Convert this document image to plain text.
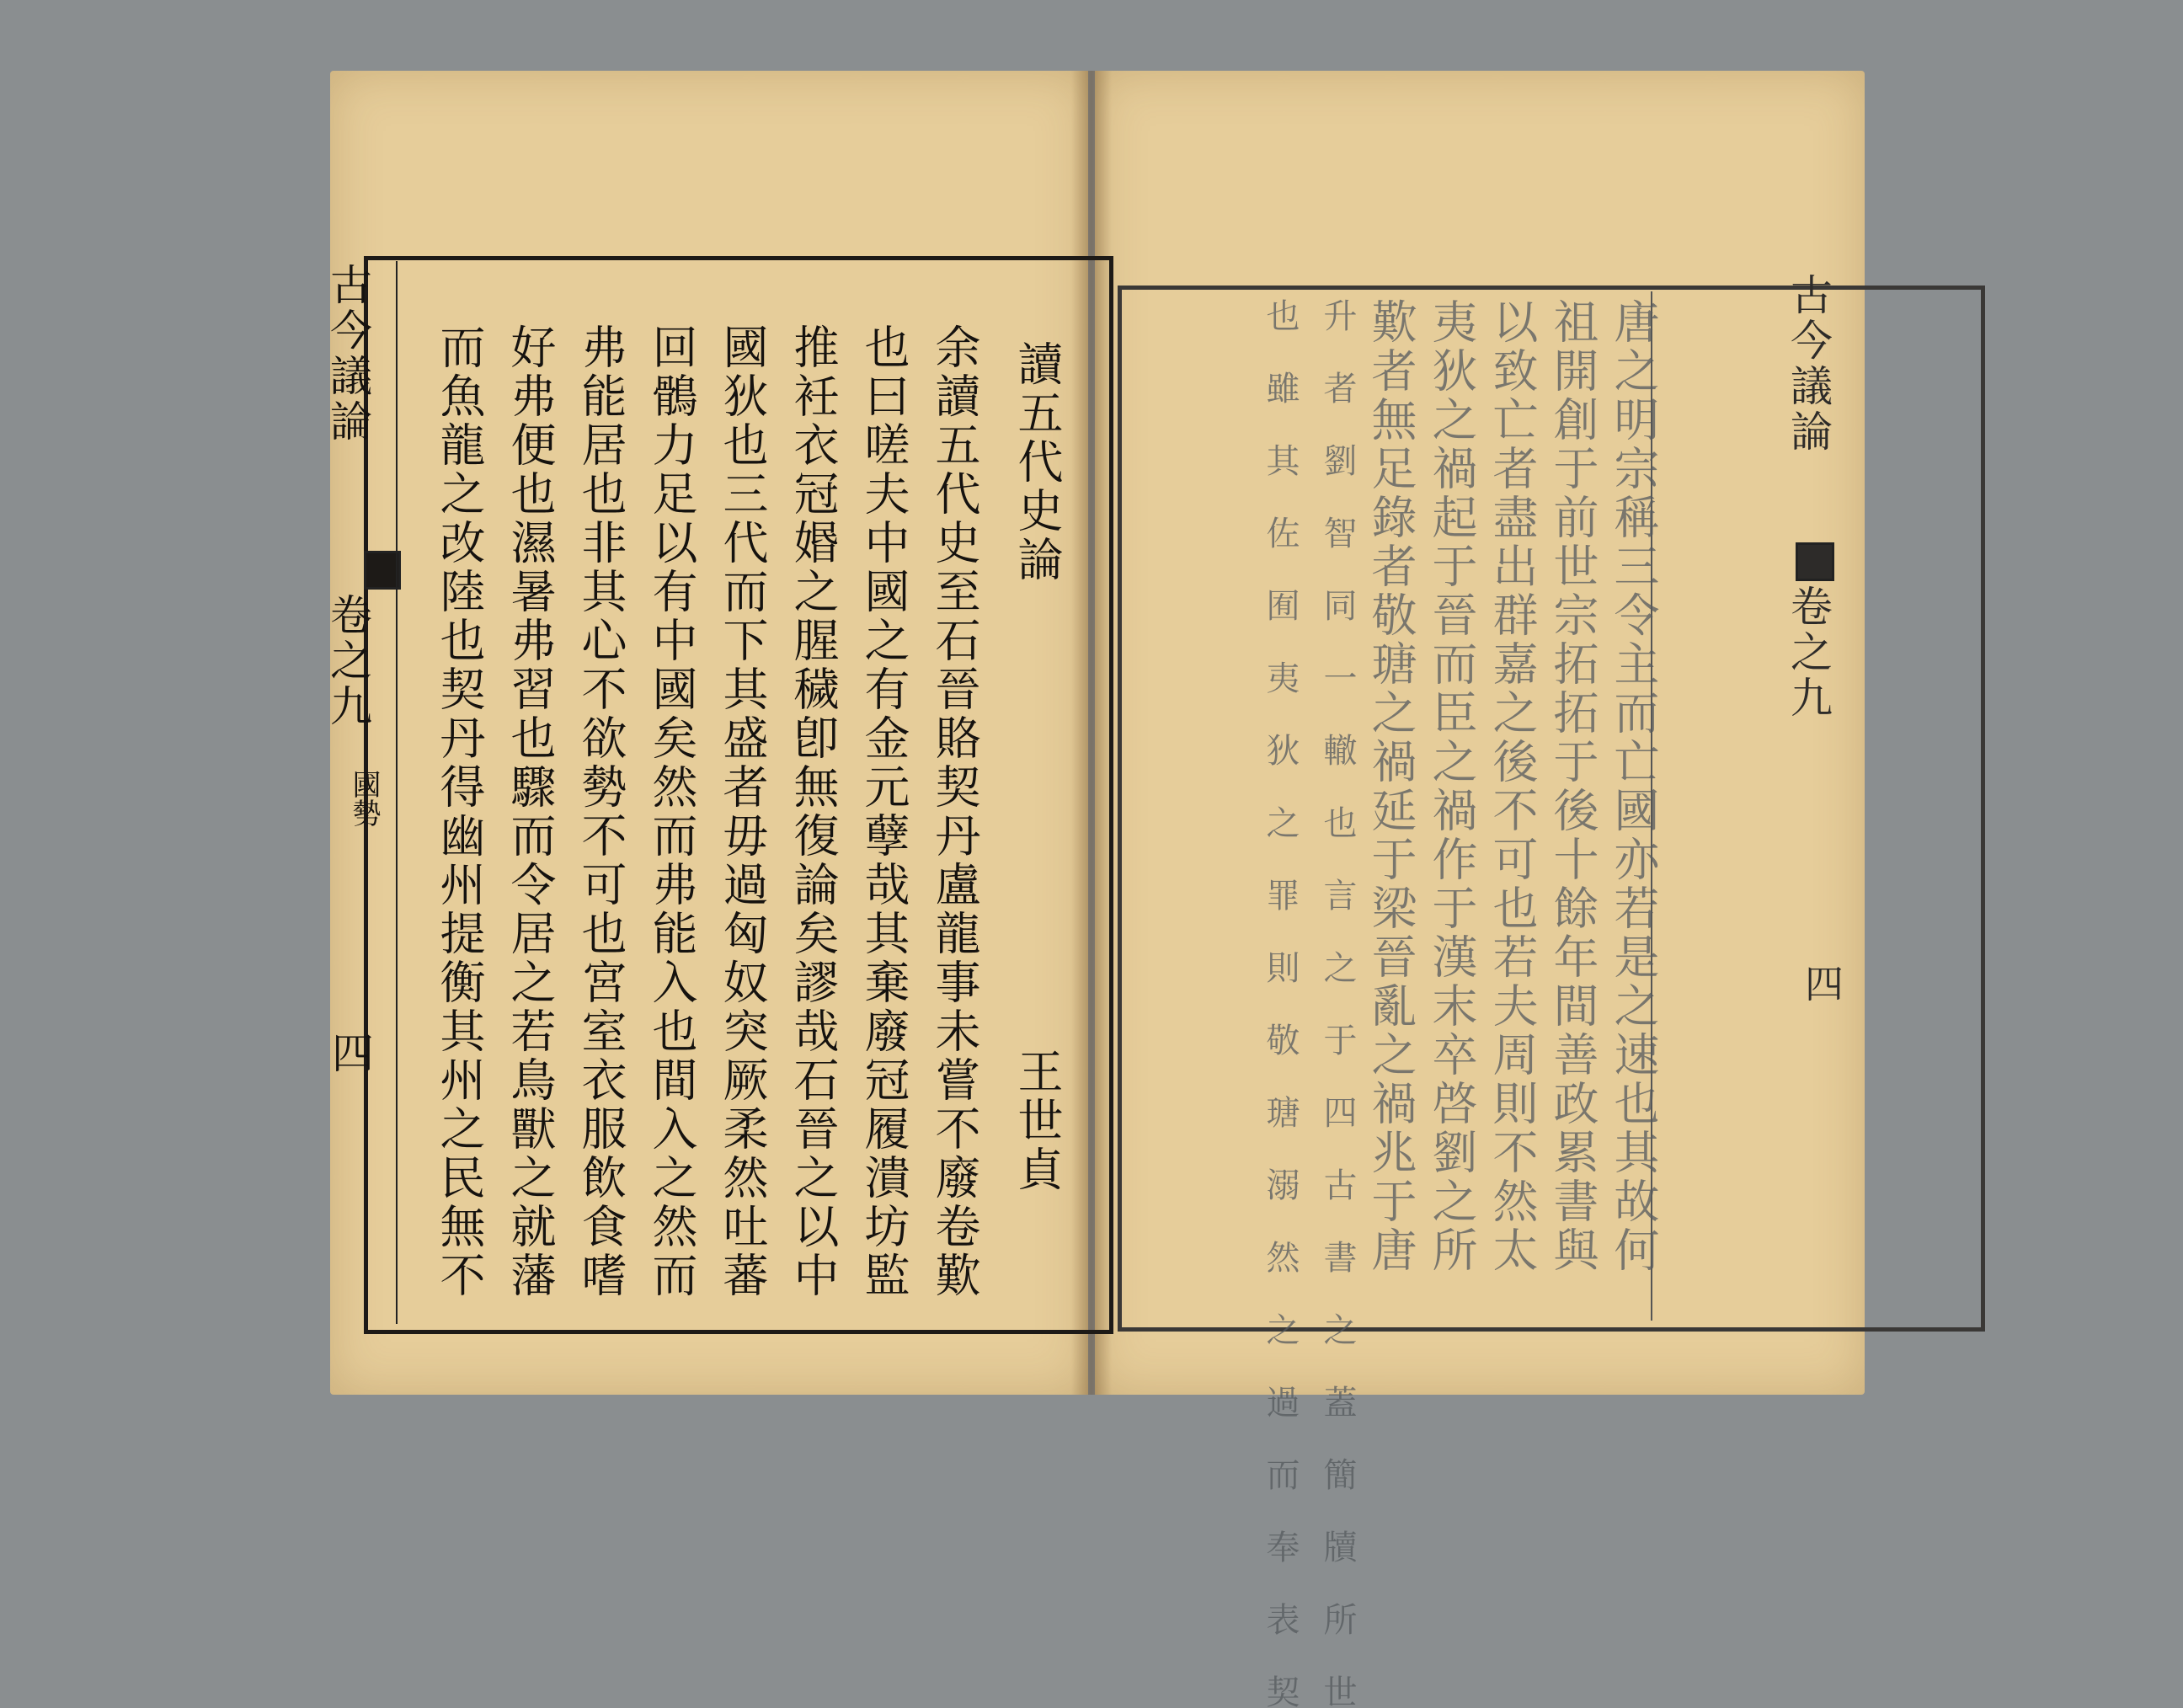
古今議論
卷之九
國勢
四
讀五代史論
王世貞
余讀五代史至石晉賂契丹盧龍事未嘗不廢卷歎
也曰嗟夫中國之有金元孽哉其棄廢冠履潰坊監
推衽衣冠㛰之腥穢卽無復論矣謬哉石晉之以中
國狄也三代而下其盛者毋過匈奴突厥柔然吐蕃
回鶻力足以有中國矣然而弗能入也間入之然而
弗能居也非其心不欲勢不可也宮室衣服飲食嗜
好弗便也濕暑弗習也驟而令居之若鳥獸之就藩
而魚龍之改陸也契丹得幽州提衡其州之民無不	唐之明宗稱三令主而亡國亦若是之速也其故何
祖開創于前世宗拓拓于後十餘年間善政累書與
以致亡者盡出群嘉之後不可也若夫周則不然太
夷狄之禍起于晉而臣之禍作于漢末卒啓劉之所
歎者無足錄者敬瑭之禍延于梁晉亂之禍兆于唐
升 者 劉 智 同 一 轍 也 言 之 于 四 古 書 之 蓋 簡 牘 所 世
也 雖 其 佐 囿 夷 狄 之 罪 則 敬 瑭 溺 然 之 過 而 奉 表 契	古今議論
卷之九
四
